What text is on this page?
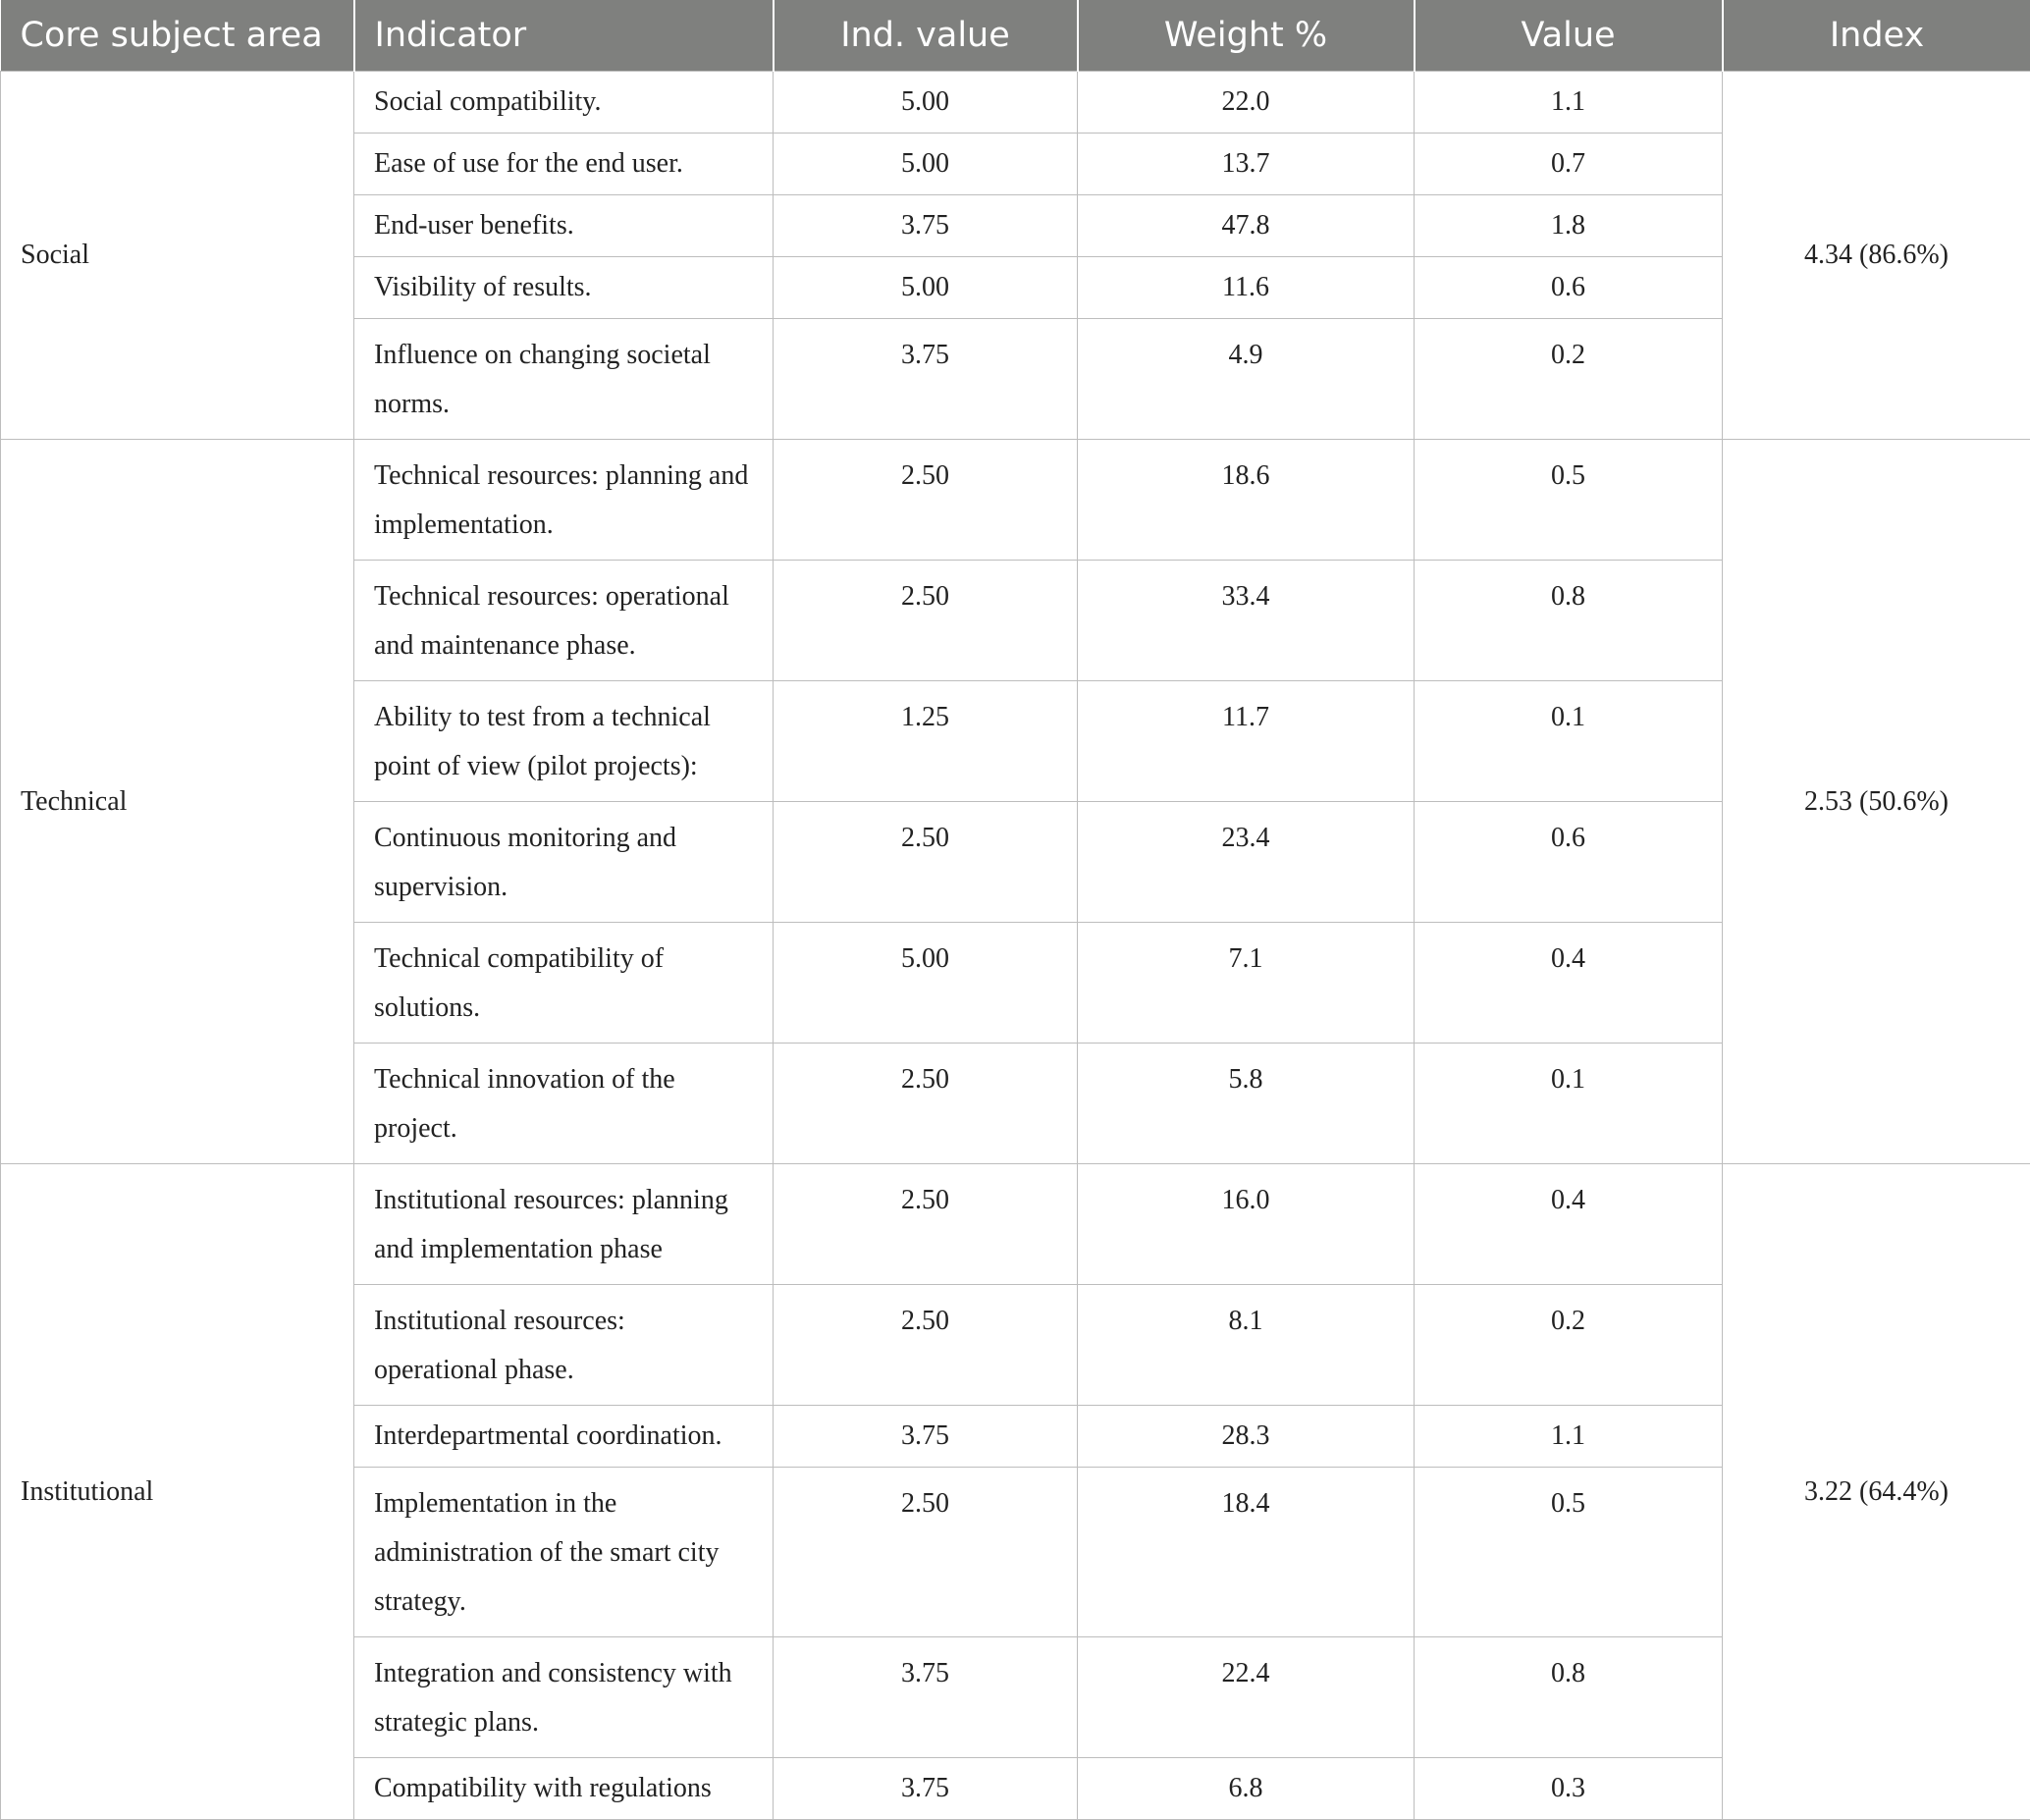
Core subject area	Indicator	Ind. value	Weight %	Value	Index
Social	Social compatibility.	5.00	22.0	1.1	4.34 (86.6%)
	Ease of use for the end user.	5.00	13.7	0.7	
	End-user benefits.	3.75	47.8	1.8	
	Visibility of results.	5.00	11.6	0.6	
	Influence on changing societal norms.	3.75	4.9	0.2	
Technical	Technical resources: planning and implementation.	2.50	18.6	0.5	2.53 (50.6%)
	Technical resources: operational and maintenance phase.	2.50	33.4	0.8	
	Ability to test from a technical point of view (pilot projects):	1.25	11.7	0.1	
	Continuous monitoring and supervision.	2.50	23.4	0.6	
	Technical compatibility of solutions.	5.00	7.1	0.4	
	Technical innovation of the project.	2.50	5.8	0.1	
Institutional	Institutional resources: planning and implementation phase	2.50	16.0	0.4	3.22 (64.4%)
	Institutional resources: operational phase.	2.50	8.1	0.2	
	Interdepartmental coordination.	3.75	28.3	1.1	
	Implementation in the administration of the smart city strategy.	2.50	18.4	0.5	
	Integration and consistency with strategic plans.	3.75	22.4	0.8	
	Compatibility with regulations	3.75	6.8	0.3	
